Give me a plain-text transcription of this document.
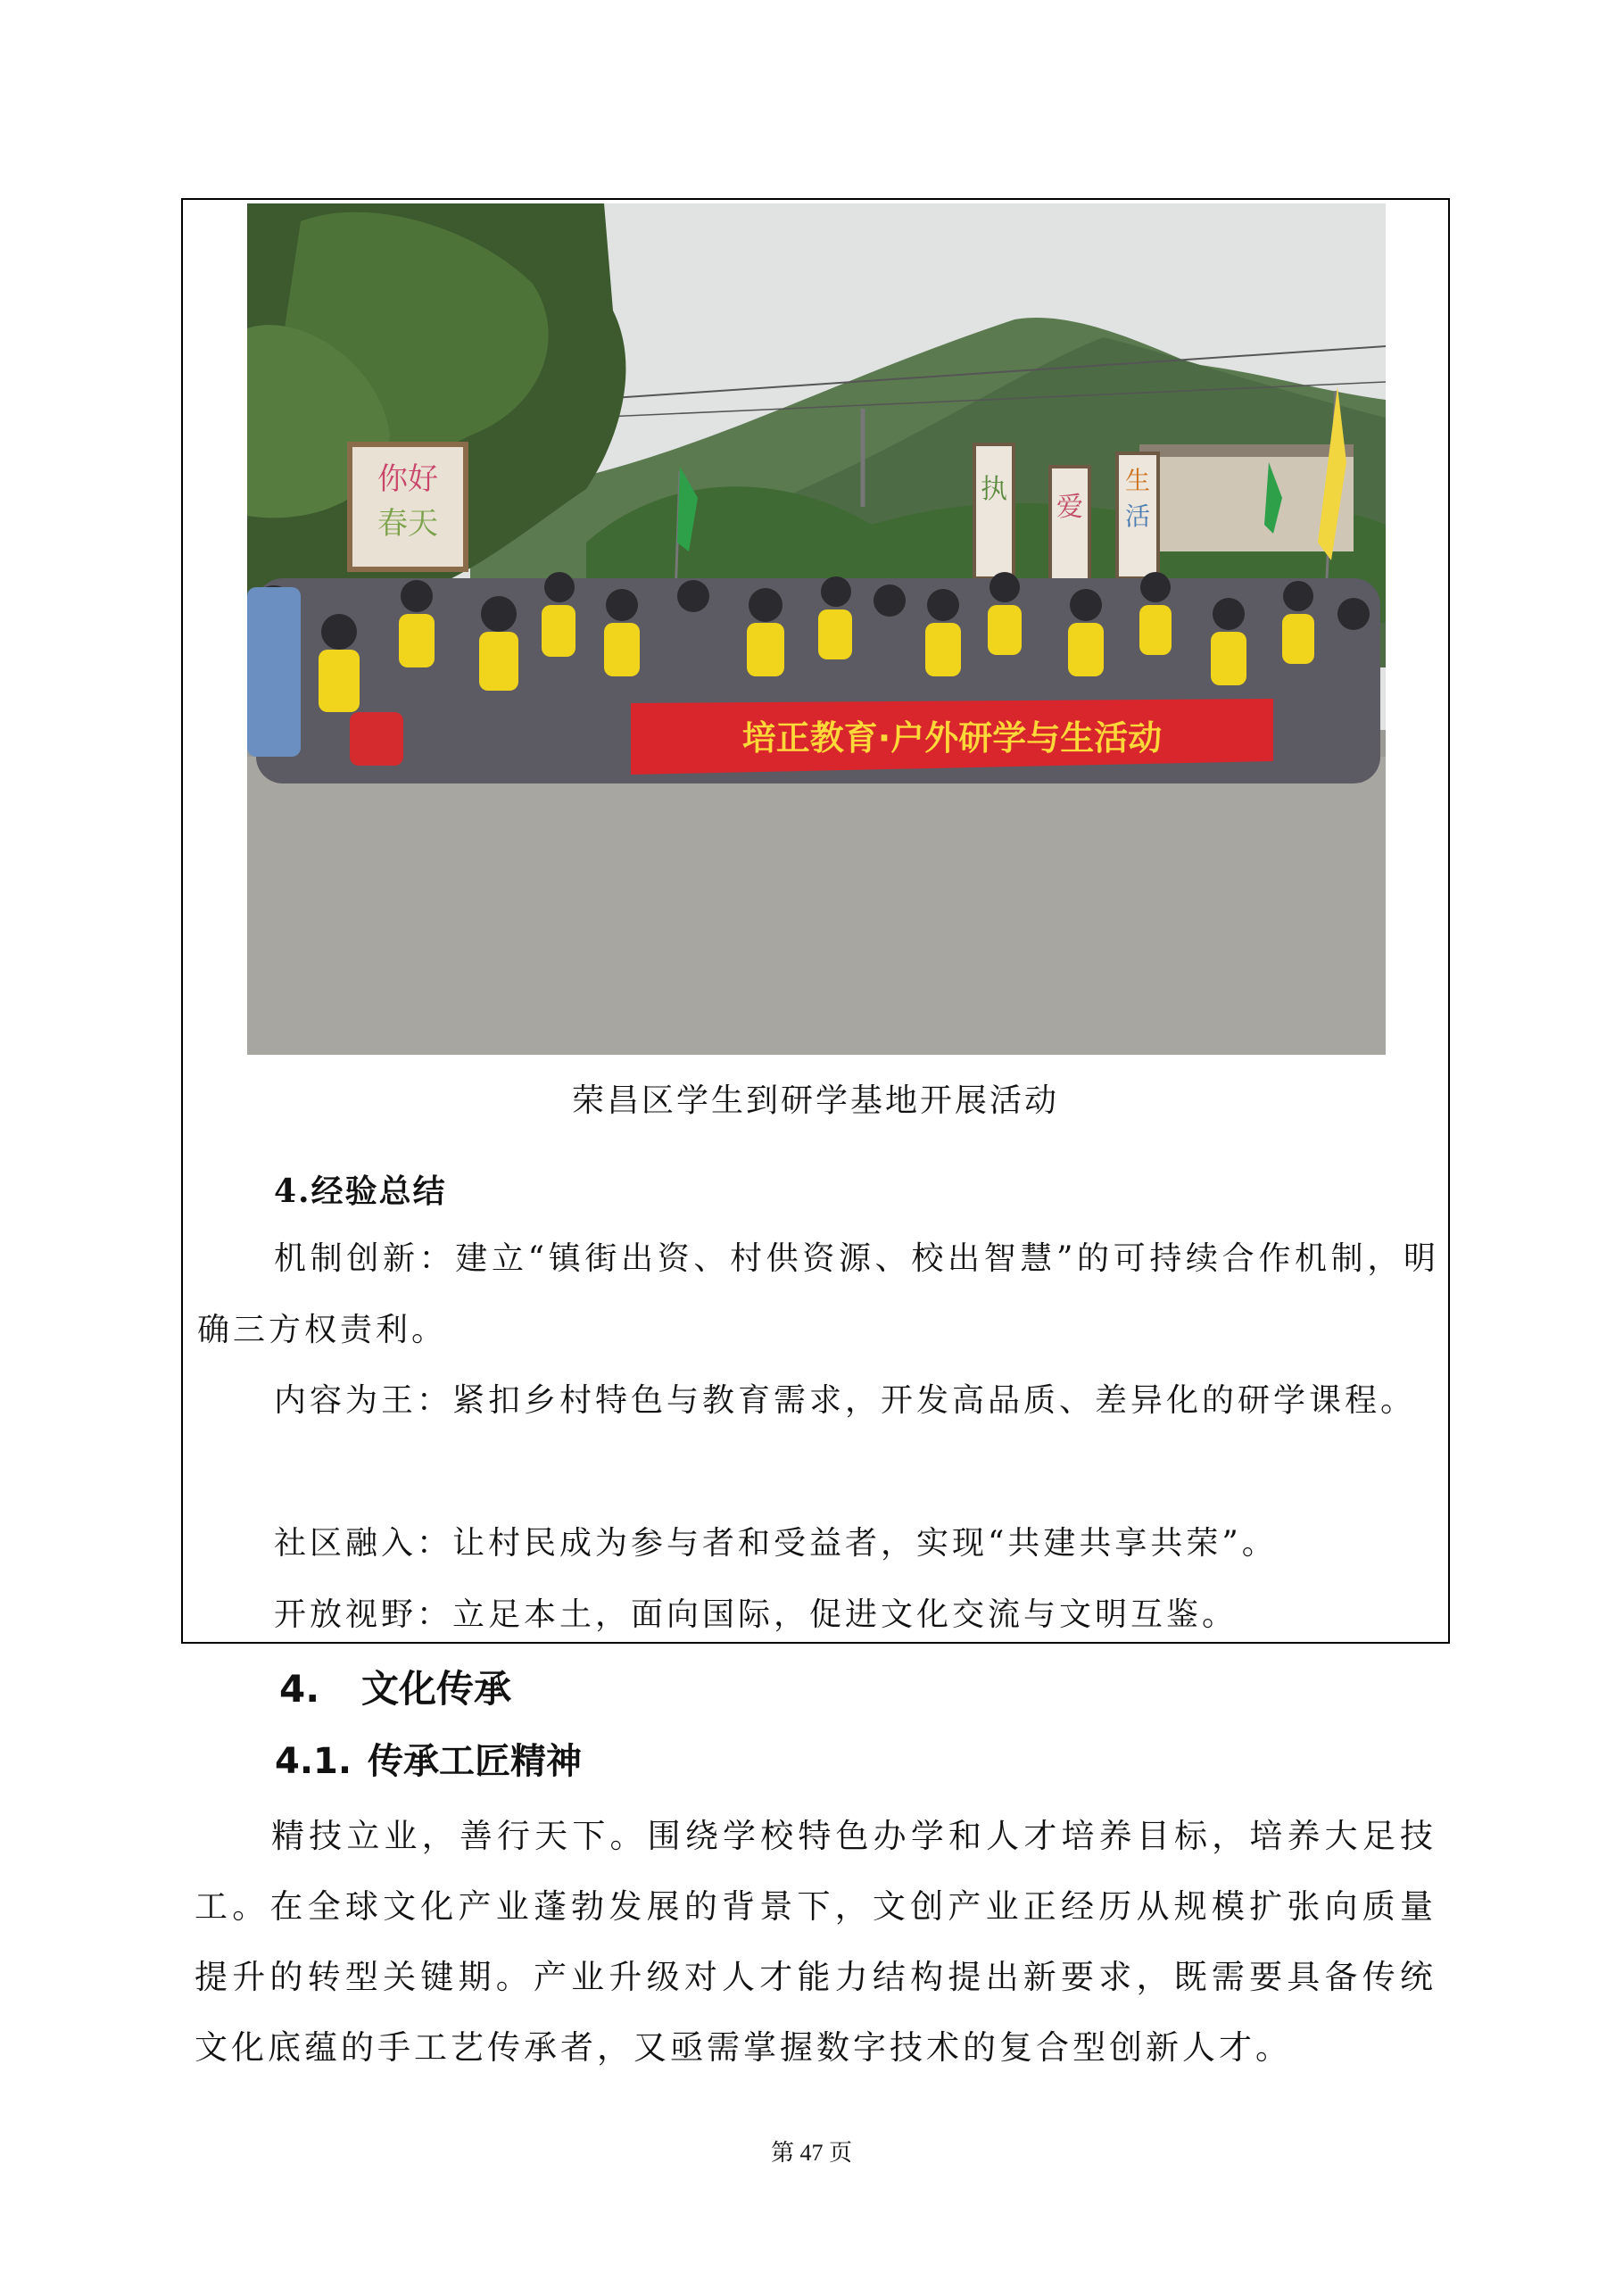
你好
春天
执
爱
生
活
培正教育·户外研学与生活动
荣昌区学生到研学基地开展活动
4.经验总结

机制创新：建立“镇街出资、村供资源、校出智慧”的可持续合作机制，明确三方权责利。

内容为王：紧扣乡村特色与教育需求，开发高品质、差异化的研学课程。

社区融入：让村民成为参与者和受益者，实现“共建共享共荣”。

开放视野：立足本土，面向国际，促进文化交流与文明互鉴。

4. 文化传承
4.1. 传承工匠精神

精技立业，善行天下。围绕学校特色办学和人才培养目标，培养大足技工。在全球文化产业蓬勃发展的背景下，文创产业正经历从规模扩张向质量提升的转型关键期。产业升级对人才能力结构提出新要求，既需要具备传统文化底蕴的手工艺传承者，又亟需掌握数字技术的复合型创新人才。

第 47 页
